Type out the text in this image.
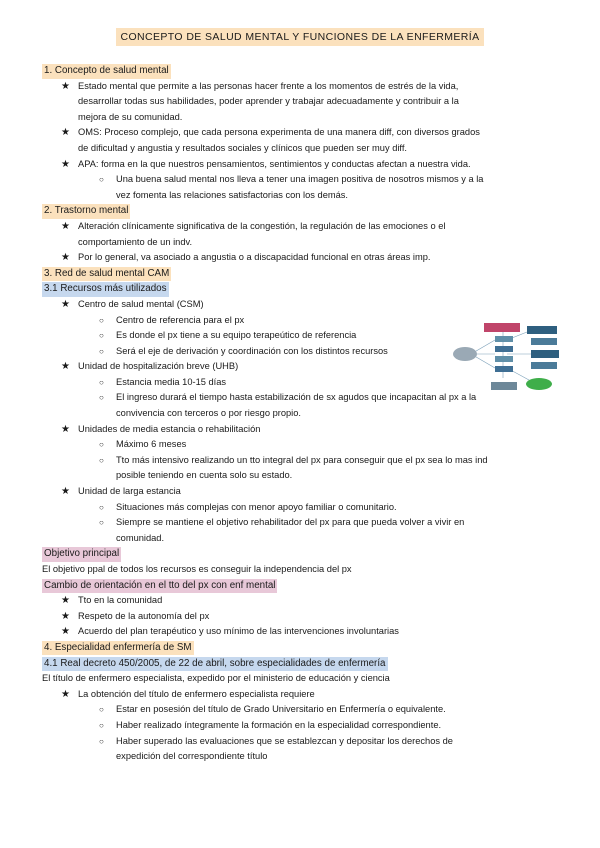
CONCEPTO DE SALUD MENTAL Y FUNCIONES DE LA ENFERMERÍA
1. Concepto de salud mental
★ Estado mental que permite a las personas hacer frente a los momentos de estrés de la vida,
desarrollar todas sus habilidades, poder aprender y trabajar adecuadamente y contribuir a la
mejora de su comunidad.
★ OMS: Proceso complejo, que cada persona experimenta de una manera diff, con diversos grados
de dificultad y angustia y resultados sociales y clínicos que pueden ser muy diff.
★ APA: forma en la que nuestros pensamientos, sentimientos y conductas afectan a nuestra vida.
○ Una buena salud mental nos lleva a tener una imagen positiva de nosotros mismos y a la
vez fomenta las relaciones satisfactorias con los demás.
2. Trastorno mental
★ Alteración clínicamente significativa de la congestión, la regulación de las emociones o el
comportamiento de un indv.
★ Por lo general, va asociado a angustia o a discapacidad funcional en otras áreas imp.
3. Red de salud mental CAM
3.1 Recursos más utilizados
★ Centro de salud mental (CSM)
○ Centro de referencia para el px
○ Es donde el px tiene a su equipo terapeútico de referencia
○ Será el eje de derivación y coordinación con los distintos recursos
★ Unidad de hospitalización breve (UHB)
○ Estancia media 10-15 días
○ El ingreso durará el tiempo hasta estabilización de sx agudos que incapacitan al px a la
convivencia con terceros o por riesgo propio.
★ Unidades de media estancia o rehabilitación
○ Máximo 6 meses
○ Tto más intensivo realizando un tto integral del px para conseguir que el px sea lo mas ind
posible teniendo en cuenta solo su estado.
★ Unidad de larga estancia
○ Situaciones más complejas con menor apoyo familiar o comunitario.
○ Siempre se mantiene el objetivo rehabilitador del px para que pueda volver a vivir en
comunidad.
Objetivo principal
El objetivo ppal de todos los recursos es conseguir la independencia del px
Cambio de orientación en el tto del px con enf mental
★ Tto en la comunidad
★ Respeto de la autonomía del px
★ Acuerdo del plan terapéutico y uso mínimo de las intervenciones involuntarias
4. Especialidad enfermería de SM
4.1 Real decreto 450/2005, de 22 de abril, sobre especialidades de enfermería
El título de enfermero especialista, expedido por el ministerio de educación y ciencia
★ La obtención del título de enfermero especialista requiere
○ Estar en posesión del título de Grado Universitario en Enfermería o equivalente.
○ Haber realizado íntegramente la formación en la especialidad correspondiente.
○ Haber superado las evaluaciones que se establezcan y depositar los derechos de
expedición del correspondiente título
